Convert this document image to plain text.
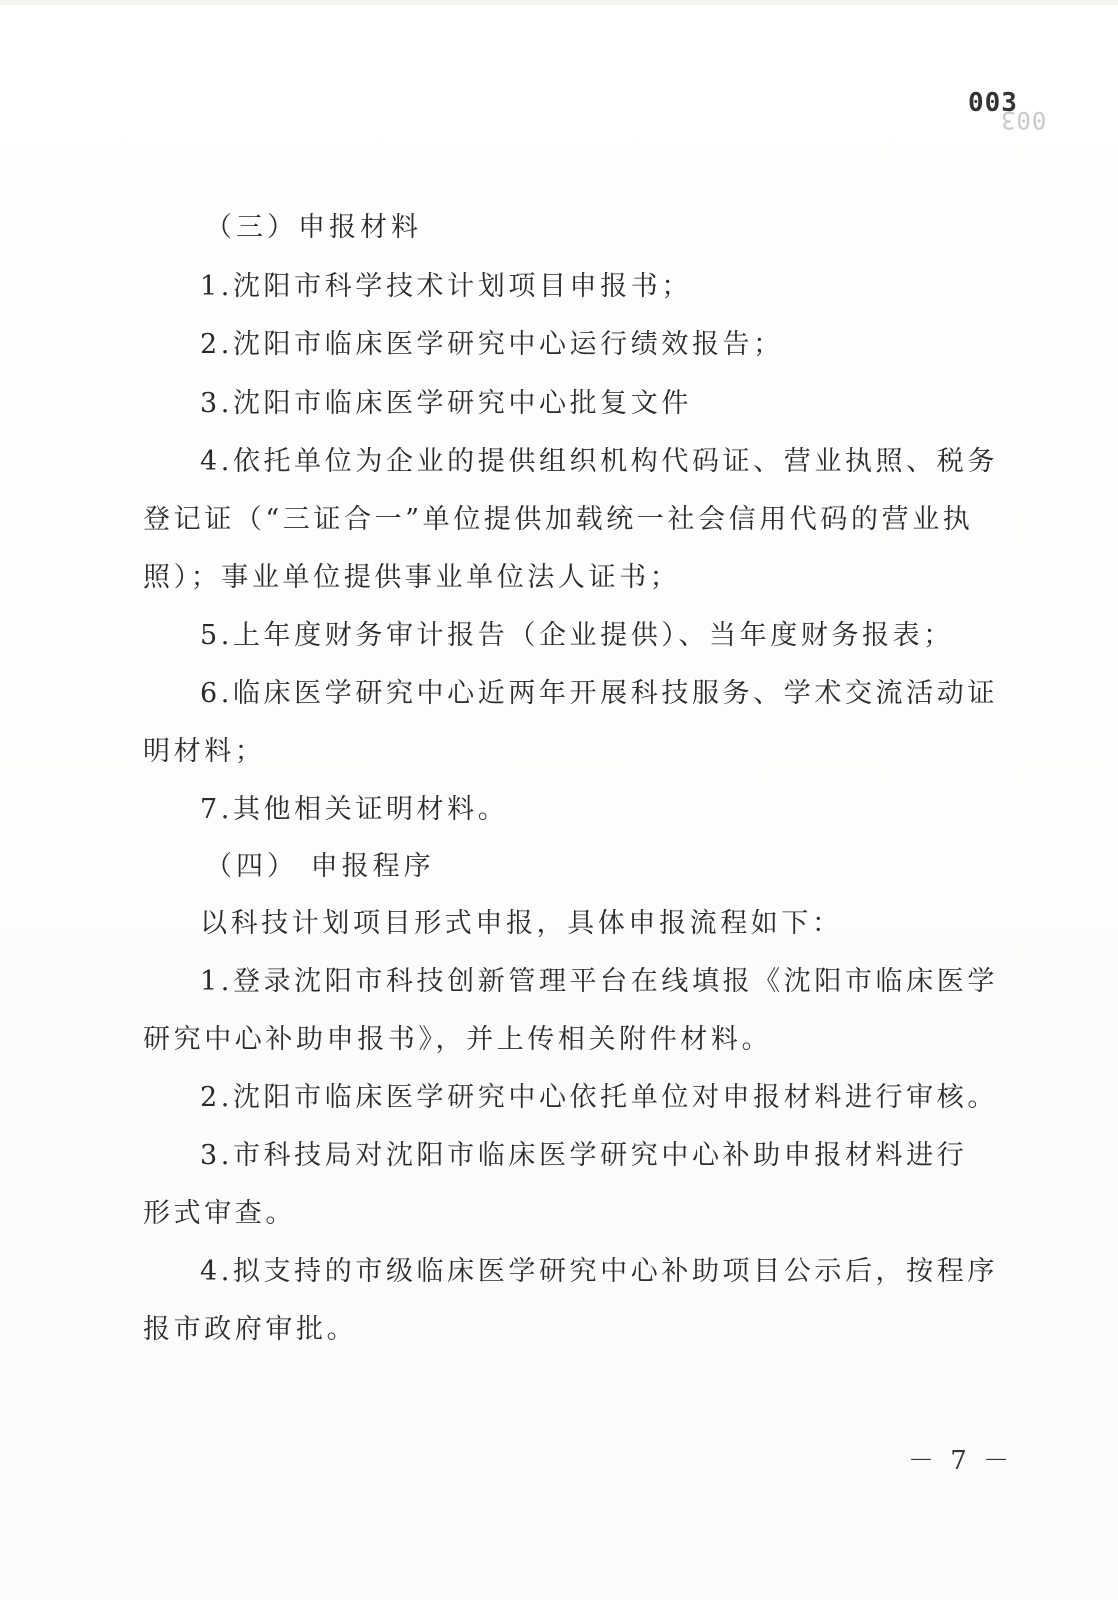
003
003
（三）申报材料
1.沈阳市科学技术计划项目申报书；
2.沈阳市临床医学研究中心运行绩效报告；
3.沈阳市临床医学研究中心批复文件
4.依托单位为企业的提供组织机构代码证、营业执照、税务
登记证（“三证合一”单位提供加载统一社会信用代码的营业执
照）；事业单位提供事业单位法人证书；
5.上年度财务审计报告（企业提供）、当年度财务报表；
6.临床医学研究中心近两年开展科技服务、学术交流活动证
明材料；
7.其他相关证明材料。
（四） 申报程序
以科技计划项目形式申报，具体申报流程如下：
1.登录沈阳市科技创新管理平台在线填报《沈阳市临床医学
研究中心补助申报书》，并上传相关附件材料。
2.沈阳市临床医学研究中心依托单位对申报材料进行审核。
3.市科技局对沈阳市临床医学研究中心补助申报材料进行
形式审查。
4.拟支持的市级临床医学研究中心补助项目公示后，按程序
报市政府审批。
－ 7 －
